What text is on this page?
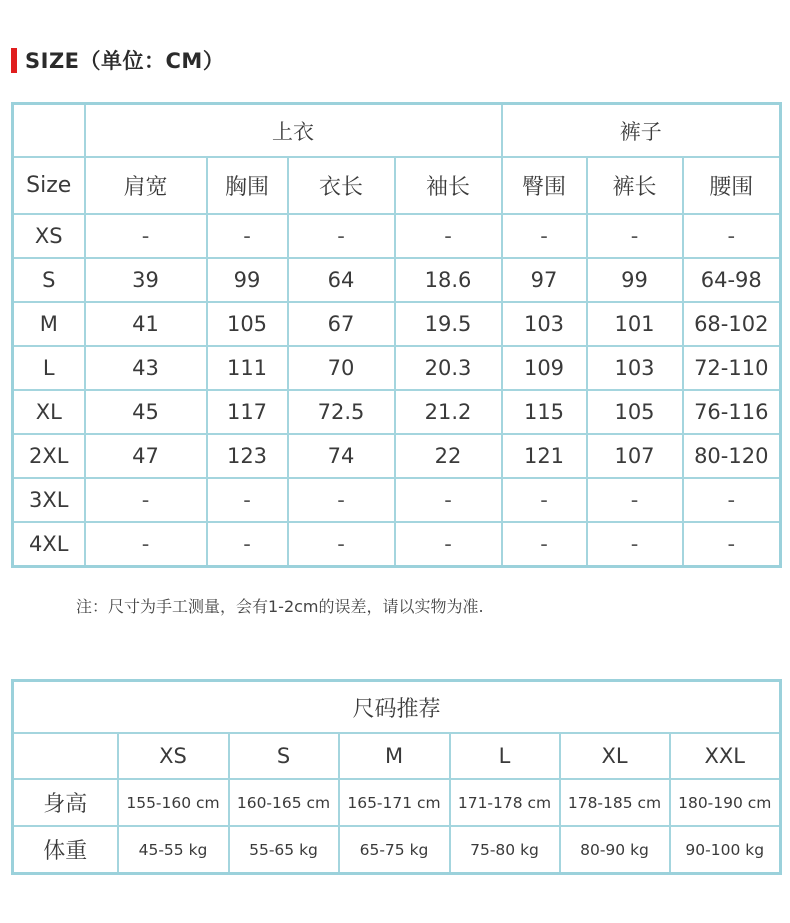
SIZE（单位：CM）
	上衣				裤子		
Size	肩宽	胸围	衣长	袖长	臀围	裤长	腰围
XS	-	-	-	-	-	-	-
S	39	99	64	18.6	97	99	64-98
M	41	105	67	19.5	103	101	68-102
L	43	111	70	20.3	109	103	72-110
XL	45	117	72.5	21.2	115	105	76-116
2XL	47	123	74	22	121	107	80-120
3XL	-	-	-	-	-	-	-
4XL	-	-	-	-	-	-	-
注：尺寸为手工测量，会有1-2cm的误差，请以实物为准.
尺码推荐						
	XS	S	M	L	XL	XXL
身高	155-160 cm	160-165 cm	165-171 cm	171-178 cm	178-185 cm	180-190 cm
体重	45-55 kg	55-65 kg	65-75 kg	75-80 kg	80-90 kg	90-100 kg
